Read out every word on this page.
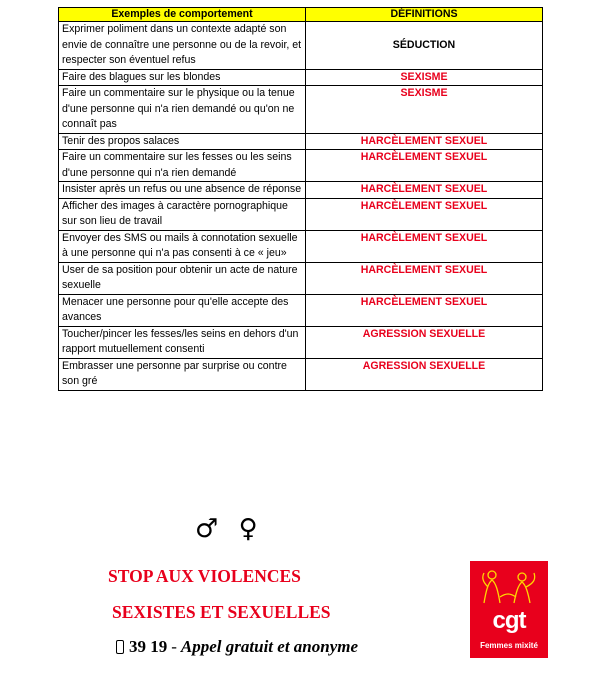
Exemples de comportement	DÉFINITIONS
Exprimer poliment dans un contexte adapté son envie de connaître une personne ou de la revoir, et respecter son éventuel refus	SÉDUCTION
Faire des blagues sur les blondes	SEXISME
Faire un commentaire sur le physique ou la tenue d'une personne qui n'a rien demandé ou qu'on ne connaît pas	SEXISME
Tenir des propos salaces	HARCÈLEMENT SEXUEL
Faire un commentaire sur les fesses ou les seins d'une personne qui n'a rien demandé	HARCÈLEMENT SEXUEL
Insister après un refus ou une absence de réponse	HARCÈLEMENT SEXUEL
Afficher des images à caractère pornographique sur son lieu de travail	HARCÈLEMENT SEXUEL
Envoyer des SMS ou mails à connotation sexuelle à une personne qui n'a pas consenti à ce « jeu»	HARCÈLEMENT SEXUEL
User de sa position pour obtenir un acte de nature sexuelle	HARCÈLEMENT SEXUEL
Menacer une personne pour qu'elle accepte des avances	HARCÈLEMENT SEXUEL
Toucher/pincer les fesses/les seins en dehors d'un rapport mutuellement consenti	AGRESSION SEXUELLE
Embrasser une personne par surprise ou contre son gré	AGRESSION SEXUELLE
♂ ♀
STOP AUX VIOLENCES
SEXISTES ET SEXUELLES
39 19 - Appel gratuit et anonyme
cgt
Femmes mixité
